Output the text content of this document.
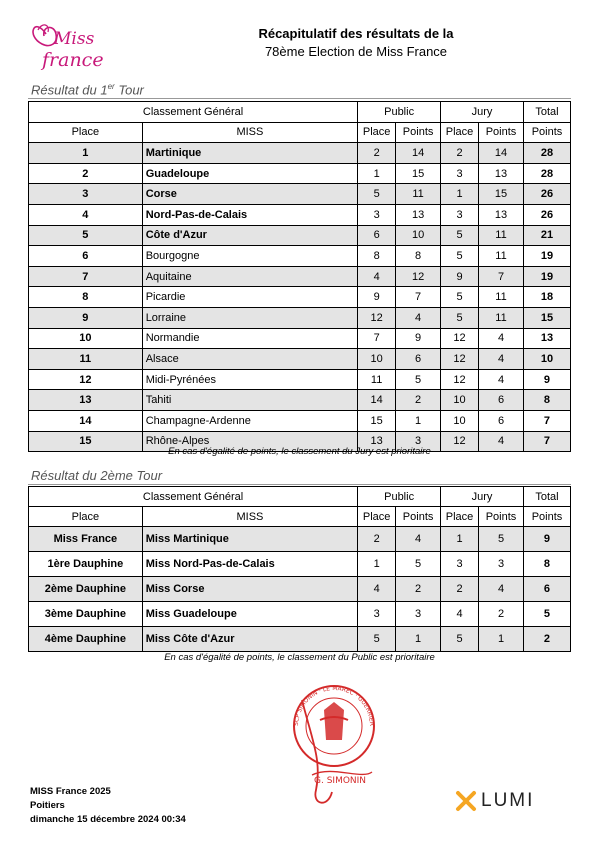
Miss
france
Récapitulatif des résultats de la
78ème Election de Miss France
Résultat du 1er Tour
Classement Général		Public		Jury		Total
Place	MISS	Place	Points	Place	Points	Points
1	Martinique	2	14	2	14	28
2	Guadeloupe	1	15	3	13	28
3	Corse	5	11	1	15	26
4	Nord-Pas-de-Calais	3	13	3	13	26
5	Côte d'Azur	6	10	5	11	21
6	Bourgogne	8	8	5	11	19
7	Aquitaine	4	12	9	7	19
8	Picardie	9	7	5	11	18
9	Lorraine	12	4	5	11	15
10	Normandie	7	9	12	4	13
11	Alsace	10	6	12	4	10
12	Midi-Pyrénées	11	5	12	4	9
13	Tahiti	14	2	10	6	8
14	Champagne-Ardenne	15	1	10	6	7
15	Rhône-Alpes	13	3	12	4	7
En cas d'égalité de points, le classement du Jury est prioritaire
Résultat du 2ème Tour
Classement Général		Public		Jury		Total
Place	MISS	Place	Points	Place	Points	Points
Miss France	Miss Martinique	2	4	1	5	9
1ère Dauphine	Miss Nord-Pas-de-Calais	1	5	3	3	8
2ème Dauphine	Miss Corse	4	2	2	4	6
3ème Dauphine	Miss Guadeloupe	3	3	4	2	5
4ème Dauphine	Miss Côte d'Azur	5	1	5	1	2
En cas d'égalité de points, le classement du Public est prioritaire
SCP SIMONIN · LE MAREC · GUERRIER
G. SIMONIN
MISS France 2025
Poitiers
dimanche 15 décembre 2024 00:34
LUMI
